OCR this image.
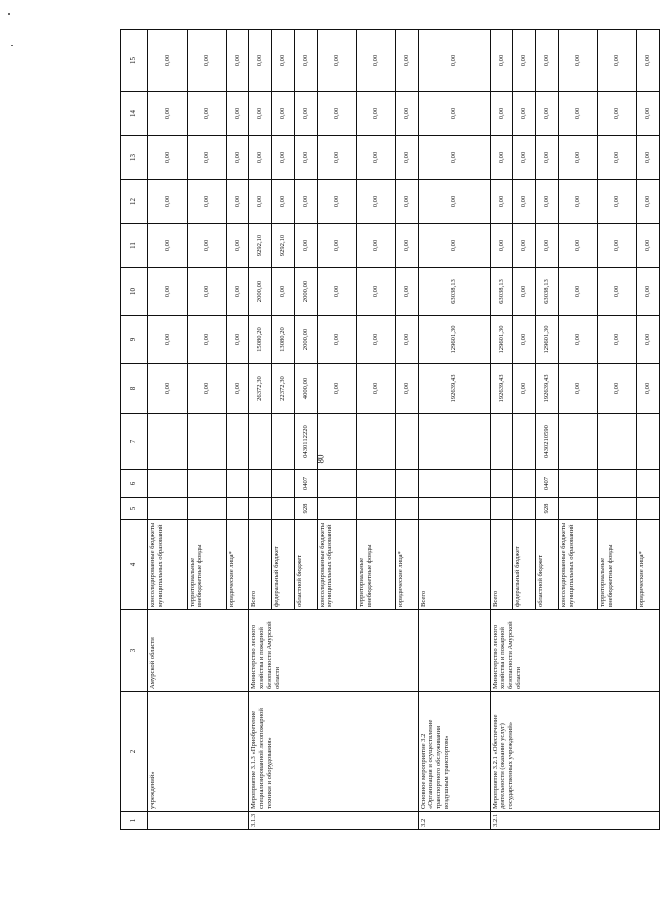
80
1	2	3	4	5	6	7	8	9	10	11	12	13	14	15
	учреждений»	Амурской области	консолидированные бюджеты муниципальных образований				0,00	0,00	0,00	0,00	0,00	0,00	0,00	0,00
			территориальные внебюджетные фонды				0,00	0,00	0,00	0,00	0,00	0,00	0,00	0,00
			юридические лица*				0,00	0,00	0,00	0,00	0,00	0,00	0,00	0,00
3.1.3	Мероприятие 3.1.3 «Приобретение специализированной лесопожарной техники и оборудования»	Министерство лесного хозяйства и пожарной безопасности Амурской области	Всего				26372,30	15080,20	2000,00	9292,10	0,00	0,00	0,00	0,00
			федеральный бюджет				22372,30	13080,20	0,00	9292,10	0,00	0,00	0,00	0,00
			областной бюджет	928	0407	0430112220	4000,00	2000,00	2000,00	0,00	0,00	0,00	0,00	0,00
			консолидированные бюджеты муниципальных образований				0,00	0,00	0,00	0,00	0,00	0,00	0,00	0,00
			территориальные внебюджетные фонды				0,00	0,00	0,00	0,00	0,00	0,00	0,00	0,00
			юридические лица*				0,00	0,00	0,00	0,00	0,00	0,00	0,00	0,00
3.2	Основное мероприятие 3.2 «Организация и осуществление транспортного обслуживания воздушным транспортом»		Всего				192639,43	129601,30	63038,13	0,00	0,00	0,00	0,00	0,00
3.2.1	Мероприятие 3.2.1 «Обеспечение деятельности (оказание услуг) государственных учреждений»	Министерство лесного хозяйства и пожарной безопасности Амурской области	Всего				192639,43	129601,30	63038,13	0,00	0,00	0,00	0,00	0,00
			федеральный бюджет				0,00	0,00	0,00	0,00	0,00	0,00	0,00	0,00
			областной бюджет	928	0407	0430210590	192639,43	129601,30	63038,13	0,00	0,00	0,00	0,00	0,00
			консолидированные бюджеты муниципальных образований				0,00	0,00	0,00	0,00	0,00	0,00	0,00	0,00
			территориальные внебюджетные фонды				0,00	0,00	0,00	0,00	0,00	0,00	0,00	0,00
			юридические лица*				0,00	0,00	0,00	0,00	0,00	0,00	0,00	0,00
